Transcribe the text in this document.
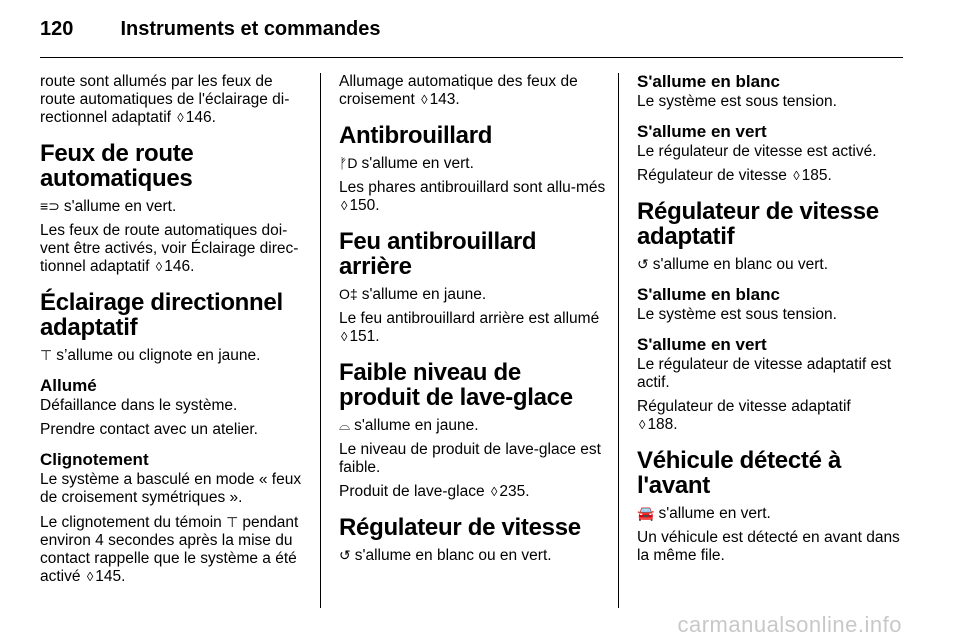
120 Instruments et commandes

route sont allumés par les feux de route automatiques de l'éclairage di-rectionnel adaptatif ◊ 146.

Feux de route automatiques

≡⊃ s'allume en vert.

Les feux de route automatiques doi-vent être activés, voir Éclairage direc-tionnel adaptatif ◊ 146.

Éclairage directionnel adaptatif

⊤ s’allume ou clignote en jaune.

Allumé

Défaillance dans le système.

Prendre contact avec un atelier.

Clignotement

Le système a basculé en mode « feux de croisement symétriques ».

Le clignotement du témoin ⊤ pendant environ 4 secondes après la mise du contact rappelle que le système a été activé ◊ 145.

Allumage automatique des feux de croisement ◊ 143.

Antibrouillard

ᚠD s'allume en vert.

Les phares antibrouillard sont allu-més ◊ 150.

Feu antibrouillard arrière

O‡ s'allume en jaune.

Le feu antibrouillard arrière est allumé ◊ 151.

Faible niveau de produit de lave-glace

⌓ s'allume en jaune.

Le niveau de produit de lave-glace est faible.

Produit de lave-glace ◊ 235.

Régulateur de vitesse

↺ s'allume en blanc ou en vert.

S'allume en blanc

Le système est sous tension.

S'allume en vert

Le régulateur de vitesse est activé.

Régulateur de vitesse ◊ 185.

Régulateur de vitesse adaptatif

↺ s'allume en blanc ou vert.

S'allume en blanc

Le système est sous tension.

S'allume en vert

Le régulateur de vitesse adaptatif est actif.

Régulateur de vitesse adaptatif
◊ 188.

Véhicule détecté à l'avant

🚘 s'allume en vert.

Un véhicule est détecté en avant dans la même file.

carmanualsonline.info
